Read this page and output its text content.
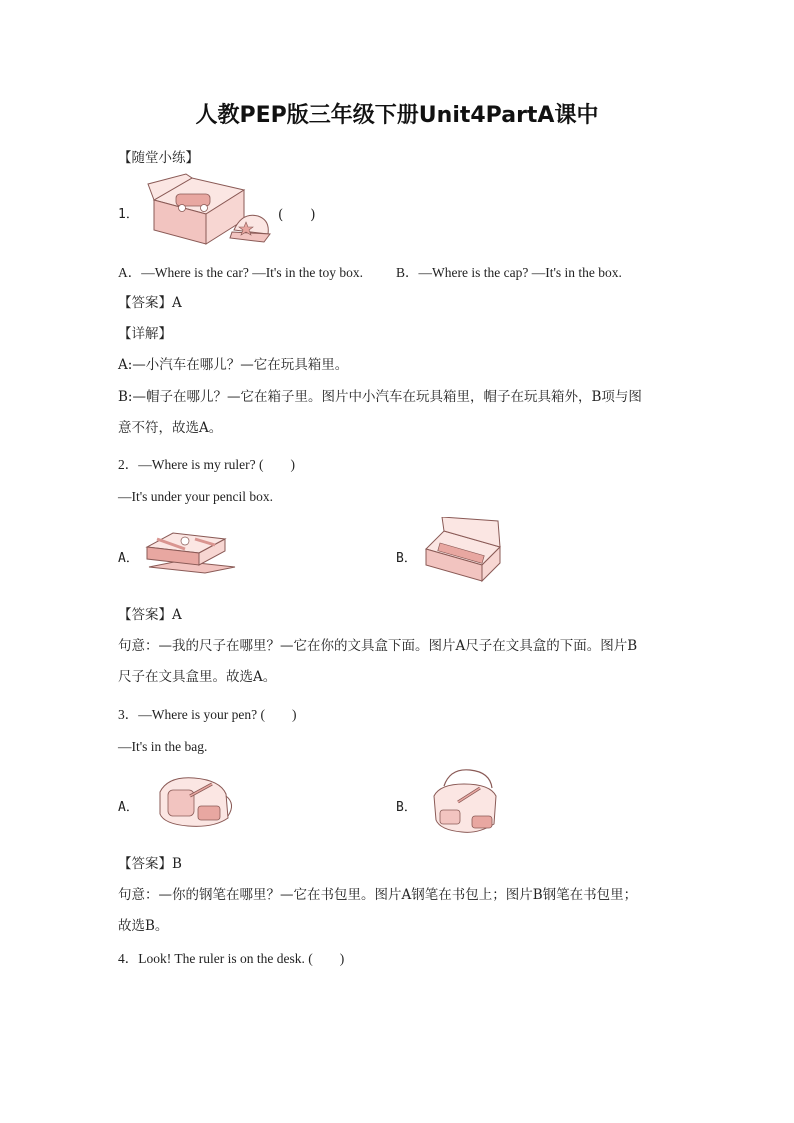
人教PEP版三年级下册Unit4PartA课中
【随堂小练】
1．	(　　)
A．—Where is the car? —It's in the toy box. B．—Where is the cap? —It's in the box.
【答案】A
【详解】
A:—小汽车在哪儿？—它在玩具箱里。
B:—帽子在哪儿？—它在箱子里。图片中小汽车在玩具箱里，帽子在玩具箱外，B项与图
意不符，故选A。
2．—Where is my ruler? (　　)
—It's under your pencil box.
A．	B．
【答案】A
句意：—我的尺子在哪里？—它在你的文具盒下面。图片A尺子在文具盒的下面。图片B
尺子在文具盒里。故选A。
3．—Where is your pen? (　　)
—It's in the bag.
A．	B．
【答案】B
句意：—你的钢笔在哪里？—它在书包里。图片A钢笔在书包上；图片B钢笔在书包里；
故选B。
4．Look! The ruler is on the desk. (　　)
